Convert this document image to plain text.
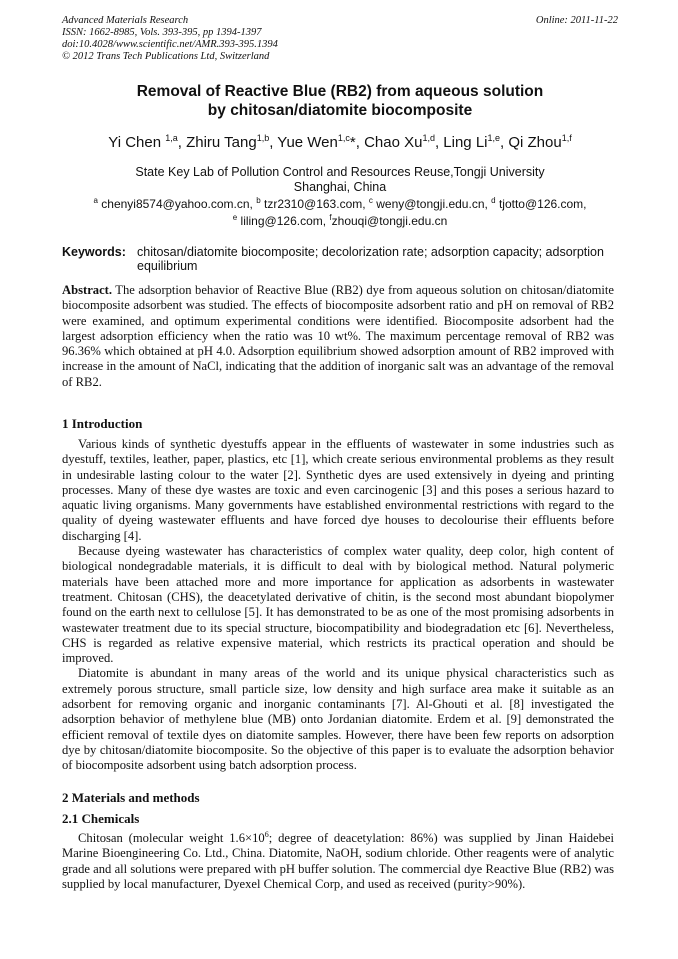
Advanced Materials Research
ISSN: 1662-8985, Vols. 393-395, pp 1394-1397
doi:10.4028/www.scientific.net/AMR.393-395.1394
© 2012 Trans Tech Publications Ltd, Switzerland
Online: 2011-11-22
Removal of Reactive Blue (RB2) from aqueous solution
by chitosan/diatomite biocomposite
Yi Chen $^{1,a}$, Zhiru Tang$^{1,b}$, Yue Wen$^{1,c}$*, Chao Xu$^{1,d}$, Ling Li$^{1,e}$, Qi Zhou$^{1,f}$
State Key Lab of Pollution Control and Resources Reuse,Tongji University
Shanghai, China
$^a$ chenyi8574@yahoo.com.cn, $^b$ tzr2310@163.com, $^c$ weny@tongji.edu.cn, $^d$ tjotto@126.com,
$^e$ liling@126.com, $^f$zhouqi@tongji.edu.cn
Keywords: chitosan/diatomite biocomposite; decolorization rate; adsorption capacity; adsorption equilibrium
Abstract. The adsorption behavior of Reactive Blue (RB2) dye from aqueous solution on chitosan/diatomite biocomposite adsorbent was studied. The effects of biocomposite adsorbent ratio and pH on removal of RB2 were examined, and optimum experimental conditions were identified. Biocomposite adsorbent had the largest adsorption efficiency when the ratio was 10 wt%. The maximum percentage removal of RB2 was 96.36% which obtained at pH 4.0. Adsorption equilibrium showed adsorption amount of RB2 improved with increase in the amount of NaCl, indicating that the addition of inorganic salt was an advantage of the removal of RB2.
1 Introduction

Various kinds of synthetic dyestuffs appear in the effluents of wastewater in some industries such as dyestuff, textiles, leather, paper, plastics, etc [1], which create serious environmental problems as they result in undesirable lasting colour to the water [2]. Synthetic dyes are used extensively in dyeing and printing processes. Many of these dye wastes are toxic and even carcinogenic [3] and this poses a serious hazard to aquatic living organisms. Many governments have established environmental restrictions with regard to the quality of dyeing wastewater effluents and have forced dye houses to decolourise their effluents before discharging [4].

Because dyeing wastewater has characteristics of complex water quality, deep color, high content of biological nondegradable materials, it is difficult to deal with by biological method. Natural polymeric materials have been attached more and more importance for application as adsorbents in wastewater treatment. Chitosan (CHS), the deacetylated derivative of chitin, is the second most abundant biopolymer found on the earth next to cellulose [5]. It has demonstrated to be as one of the most promising adsorbents in wastewater treatment due to its special structure, biocompatibility and biodegradation etc [6]. Nevertheless, CHS is regarded as relative expensive material, which restricts its practical operation and should be improved.

Diatomite is abundant in many areas of the world and its unique physical characteristics such as extremely porous structure, small particle size, low density and high surface area make it suitable as an adsorbent for removing organic and inorganic contaminants [7]. Al-Ghouti et al. [8] investigated the adsorption behavior of methylene blue (MB) onto Jordanian diatomite. Erdem et al. [9] demonstrated the efficient removal of textile dyes on diatomite samples. However, there have been few reports on adsorption dye by chitosan/diatomite biocomposite. So the objective of this paper is to evaluate the adsorption behavior of biocomposite adsorbent using batch adsorption process.

2 Materials and methods
2.1 Chemicals

Chitosan (molecular weight $1.6\times 10^6$; degree of deacetylation: 86%) was supplied by Jinan Haidebei Marine Bioengineering Co. Ltd., China. Diatomite, NaOH, sodium chloride. Other reagents were of analytic grade and all solutions were prepared with pH buffer solution. The commercial dye Reactive Blue (RB2) was supplied by local manufacturer, Dyexel Chemical Corp, and used as received (purity>90%).
